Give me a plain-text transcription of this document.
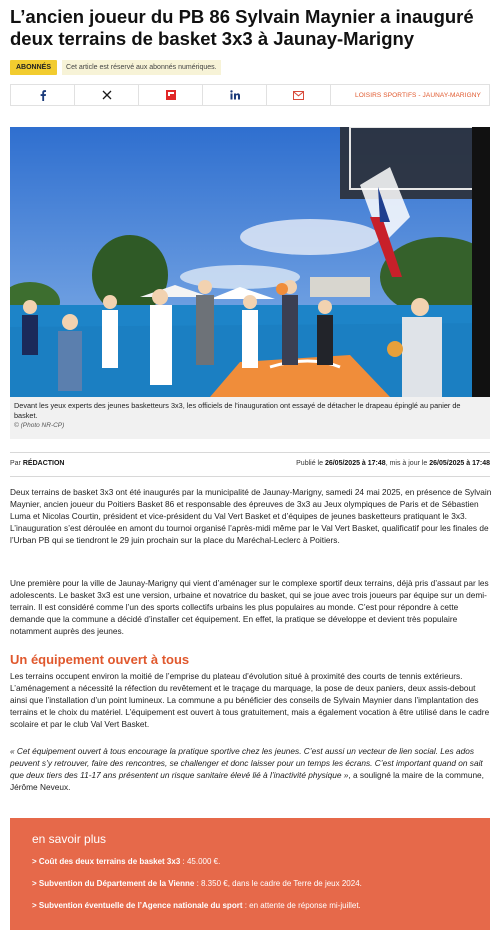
L’ancien joueur du PB 86 Sylvain Maynier a inauguré deux terrains de basket 3x3 à Jaunay-Marigny
ABONNÉS	Cet article est réservé aux abonnés numériques.
LOISIRS SPORTIFS - JAUNAY-MARIGNY
Devant les yeux experts des jeunes basketteurs 3x3, les officiels de l’inauguration ont essayé de détacher le drapeau épinglé au panier de basket.
© (Photo NR-CP)
Par RÉDACTION	Publié le 26/05/2025 à 17:48, mis à jour le 26/05/2025 à 17:48

Deux terrains de basket 3x3 ont été inaugurés par la municipalité de Jaunay-Marigny, samedi 24 mai 2025, en présence de Sylvain Maynier, ancien joueur du Poitiers Basket 86 et responsable des épreuves de 3x3 au Jeux olympiques de Paris et de Sébastien Luma et Nicolas Courtin, président et vice-président du Val Vert Basket et d’équipes de jeunes basketteurs pratiquant le 3x3. L’inauguration s’est déroulée en amont du tournoi organisé l’après-midi même par le Val Vert Basket, qualificatif pour les finales de l’Urban PB qui se tiendront le 29 juin prochain sur la place du Maréchal-Leclerc à Poitiers.

Une première pour la ville de Jaunay-Marigny qui vient d’aménager sur le complexe sportif deux terrains, déjà pris d’assaut par les adolescents. Le basket 3x3 est une version, urbaine et novatrice du basket, qui se joue avec trois joueurs par équipe sur un demi-terrain. Il est considéré comme l’un des sports collectifs urbains les plus populaires au monde. C’est pour répondre à cette demande que la commune a décidé d’installer cet équipement. En effet, la pratique se développe et devient très populaire notamment auprès des jeunes.

Un équipement ouvert à tous

Les terrains occupent environ la moitié de l’emprise du plateau d’évolution situé à proximité des courts de tennis extérieurs. L’aménagement a nécessité la réfection du revêtement et le traçage du marquage, la pose de deux paniers, deux assis-debout ainsi que l’installation d’un point lumineux. La commune a pu bénéficier des conseils de Sylvain Maynier dans l’implantation des terrains et le choix du matériel. L’équipement est ouvert à tous gratuitement, mais a également vocation à être utilisé dans le cadre scolaire et par le club Val Vert Basket.

« Cet équipement ouvert à tous encourage la pratique sportive chez les jeunes. C’est aussi un vecteur de lien social. Les ados peuvent s’y retrouver, faire des rencontres, se challenger et donc laisser pour un temps les écrans. C’est important quand on sait que deux tiers des 11-17 ans présentent un risque sanitaire élevé lié à l’inactivité physique », a souligné la maire de la commune, Jérôme Neveux.

en savoir plus
> Coût des deux terrains de basket 3x3 : 45.000 €.
> Subvention du Département de la Vienne : 8.350 €, dans le cadre de Terre de jeux 2024.
> Subvention éventuelle de l’Agence nationale du sport : en attente de réponse mi-juillet.
